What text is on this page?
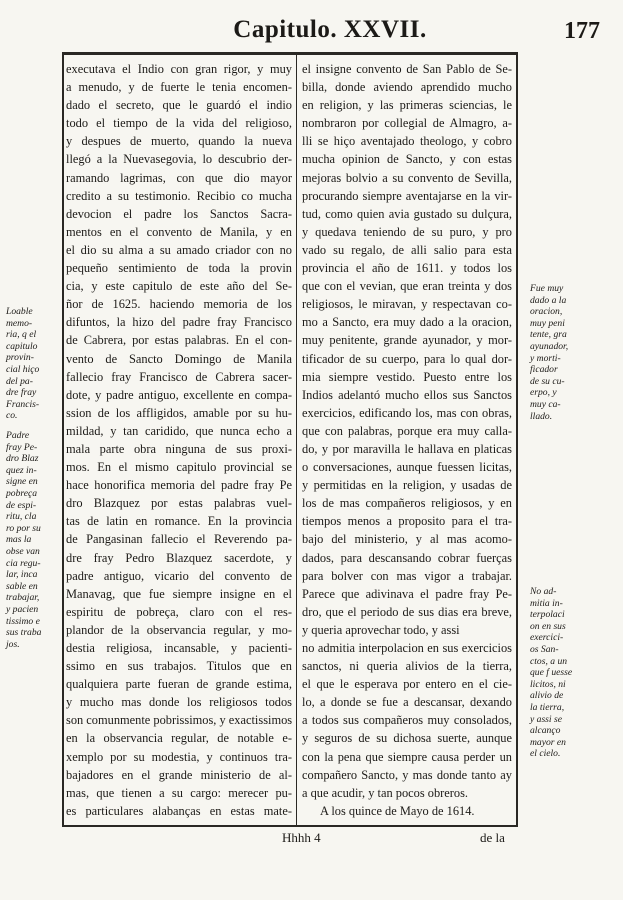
Capitulo. XXVII.	177
executava el Indio con gran rigor, y muy
a menudo, y de fuerte le tenia encomen-
dado el secreto, que le guardó el indio
todo el tiempo de la vida del religioso,
y despues de muerto, quando la nueva
llegó a la Nuevasegovia, lo descubrio der-
ramando lagrimas, con que dio mayor
credito a su testimonio. Recibio co mucha
devocion el padre los Sanctos Sacra-
mentos en el convento de Manila, y en
el dio su alma a su amado criador con no
pequeño sentimiento de toda la provin
cia, y este capitulo de este año del Se-
ñor de 1625. haciendo memoria de los
difuntos, la hizo del padre fray Francisco
de Cabrera, por estas palabras. En el con-
vento de Sancto Domingo de Manila
fallecio fray Francisco de Cabrera sacer-
dote, y padre antiguo, excellente en compa-
ssion de los affligidos, amable por su hu-
mildad, y tan caridido, que nunca echo a
mala parte obra ninguna de sus proxi-
mos. En el mismo capitulo provincial se
hace honorifica memoria del padre fray Pe
dro Blazquez por estas palabras vuel-
tas de latin en romance. En la provincia
de Pangasinan fallecio el Reverendo pa-
dre fray Pedro Blazquez sacerdote, y
padre antiguo, vicario del convento de
Manavag, que fue siempre insigne en el
espiritu de pobreça, claro con el res-
plandor de la observancia regular, y mo-
destia religiosa, incansable, y pacienti-
ssimo en sus trabajos. Titulos que en
qualquiera parte fueran de grande estima,
y mucho mas donde los religiosos todos
son comunmente pobrissimos, y exactissimos
en la observancia regular, de notable e-
xemplo por su modestia, y continuos tra-
bajadores en el grande ministerio de al-
mas, que tienen a su cargo: merecer pu-
es particulares alabanças en estas mate-
el insigne convento de San Pablo de Se-
billa, donde aviendo aprendido mucho
en religion, y las primeras sciencias, le
nombraron por collegial de Almagro, a-
lli se hiço aventajado theologo, y cobro
mucha opinion de Sancto, y con estas
mejoras bolvio a su convento de Sevilla,
procurando siempre aventajarse en la vir-
tud, como quien avia gustado su dulçura,
y quedava teniendo de su puro, y pro
vado su regalo, de alli salio para esta
provincia el año de 1611. y todos los
que con el vevian, que eran treinta y dos
religiosos, le miravan, y respectavan co-
mo a Sancto, era muy dado a la oracion,
muy penitente, grande ayunador, y mor-
tificador de su cuerpo, para lo qual dor-
mia siempre vestido. Puesto entre los
Indios adelantó mucho ellos sus Sanctos
exercicios, edificando los, mas con obras,
que con palabras, porque era muy calla-
do, y por maravilla le hallava en platicas
o conversaciones, aunque fuessen licitas,
y permitidas en la religion, y usadas de
los de mas compañeros religiosos, y en
tiempos menos a proposito para el tra-
bajo del ministerio, y al mas acomo-
dados, para descansando cobrar fuerças
para bolver con mas vigor a trabajar.
Parece que adivinava el padre fray Pe-
dro, que el periodo de sus dias era breve,
y queria aprovechar todo, y assi
no admitia interpolacion en sus exercicios
sanctos, ni queria alivios de la tierra,
el que le esperava por entero en el cie-
lo, a donde se fue a descansar, dexando
a todos sus compañeros muy consolados,
y seguros de su dichosa suerte, aunque
con la pena que siempre causa perder un
compañero Sancto, y mas donde tanto ay
a que acudir, y tan pocos obreros.
A los quince de Mayo de 1614.
Loable
memo-
ria, q el
capitulo
provin-
cial hiço
del pa-
dre fray
Francis-
co.
Padre
fray Pe-
dro Blaz
quez in-
signe en
pobreça
de espi-
ritu, cla
ro por su
mas la
obse van
cia regu-
lar, inca
sable en
trabajar,
y pacien
tissimo e
sus traba
jos.
Fue muy
dado a la
oracion,
muy peni
tente, gra
ayunador,
y morti-
ficador
de su cu-
erpo, y
muy ca-
llado.
No ad-
mitia in-
terpolaci
on en sus
exercici-
os San-
ctos, a un
que f uesse
licitos, ni
alivio de
la tierra,
y assi se
alcanço
mayor en
el cielo.
Hhhh 4	de la
